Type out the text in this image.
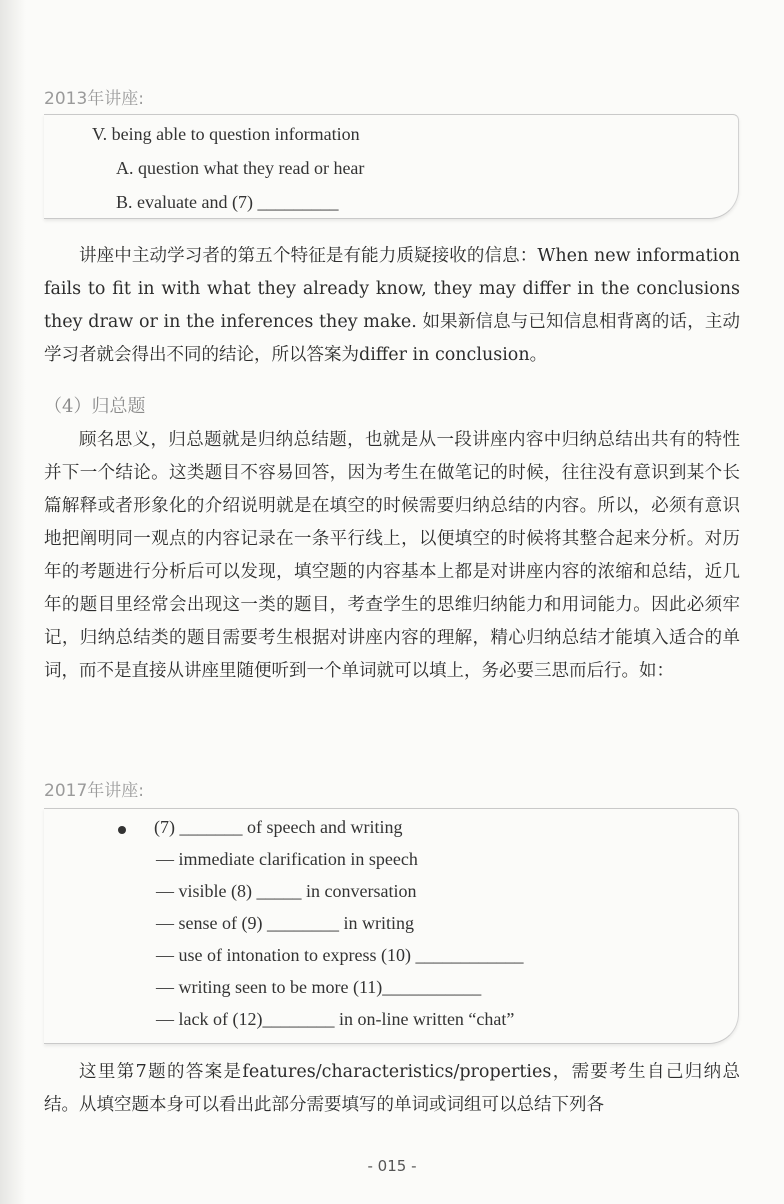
2013年讲座:
V. being able to question information
A. question what they read or hear
B. evaluate and (7) _________

讲座中主动学习者的第五个特征是有能力质疑接收的信息：When new information fails to fit in with what they already know, they may differ in the conclusions they draw or in the inferences they make. 如果新信息与已知信息相背离的话，主动学习者就会得出不同的结论，所以答案为differ in conclusion。

（4）归总题

顾名思义，归总题就是归纳总结题，也就是从一段讲座内容中归纳总结出共有的特性并下一个结论。这类题目不容易回答，因为考生在做笔记的时候，往往没有意识到某个长篇解释或者形象化的介绍说明就是在填空的时候需要归纳总结的内容。所以，必须有意识地把阐明同一观点的内容记录在一条平行线上，以便填空的时候将其整合起来分析。对历年的考题进行分析后可以发现，填空题的内容基本上都是对讲座内容的浓缩和总结，近几年的题目里经常会出现这一类的题目，考查学生的思维归纳能力和用词能力。因此必须牢记，归纳总结类的题目需要考生根据对讲座内容的理解，精心归纳总结才能填入适合的单词，而不是直接从讲座里随便听到一个单词就可以填上，务必要三思而后行。如：

2017年讲座:
(7) _______ of speech and writing
— immediate clarification in speech
— visible (8) _____ in conversation
— sense of (9) ________ in writing
— use of intonation to express (10) ____________
— writing seen to be more (11)___________
— lack of (12)________ in on-line written “chat”

这里第7题的答案是features/characteristics/properties，需要考生自己归纳总结。从填空题本身可以看出此部分需要填写的单词或词组可以总结下列各

- 015 -
